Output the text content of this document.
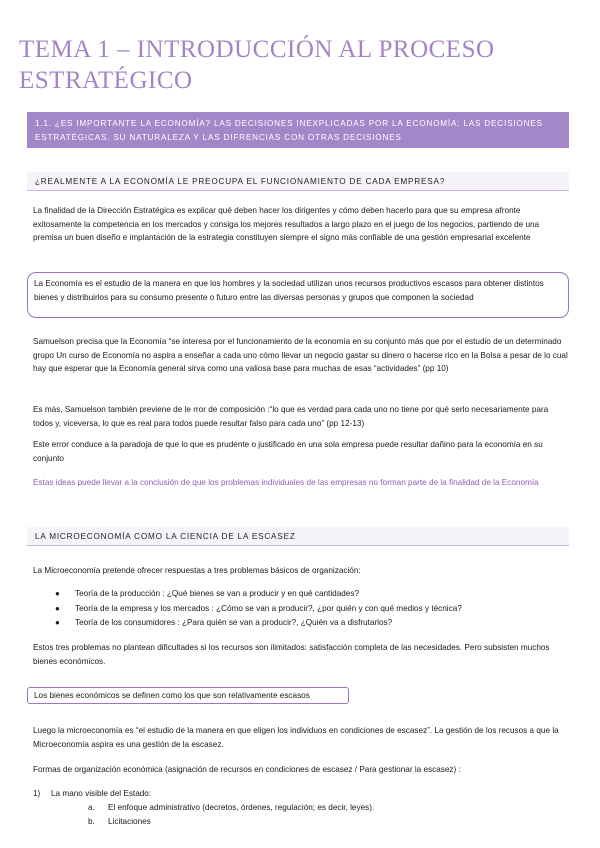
TEMA 1 – INTRODUCCIÓN AL PROCESO ESTRATÉGICO
1.1. ¿ES IMPORTANTE LA ECONOMÍA? LAS DECISIONES INEXPLICADAS POR LA ECONOMÍA: LAS DECISIONES ESTRATÉGICAS. SU NATURALEZA Y LAS DIFRENCIAS CON OTRAS DECISIONES
¿REALMENTE A LA ECONOMÍA LE PREOCUPA EL FUNCIONAMIENTO DE CADA EMPRESA?

La finalidad de la Dirección Estratégica es explicar qué deben hacer los dirigentes y cómo deben hacerlo para que su empresa afronte exitosamente la competencia en los mercados y consiga los mejores resultados a largo plazo en el juego de los negocios, partiendo de una premisa un buen diseño e implantación de la estrategia constituyen siempre el signo más confiable de una gestión empresarial excelente

La Economía es el estudio de la manera en que los hombres y la sociedad utilizan unos recursos productivos escasos para obtener distintos bienes y distribuirlos para su consumo presente o futuro entre las diversas personas y grupos que componen la sociedad

Samuelson precisa que la Economía “se interesa por el funcionamiento de la economía en su conjunto más que por el estudio de un determinado grupo Un curso de Economía no aspira a enseñar a cada uno cómo llevar un negocio gastar su dinero o hacerse rico en la Bolsa a pesar de lo cual hay que esperar que la Economía general sirva como una valiosa base para muchas de esas “actividades” (pp 10)

Es más, Samuelson también previene de le rror de composición :“lo que es verdad para cada uno no tiene por qué serlo necesariamente para todos y, viceversa, lo que es real para todos puede resultar falso para cada uno” (pp 12-13)

Este error conduce a la paradoja de que lo que es prudente o justificado en una sola empresa puede resultar dañino para la economía en su conjunto

Estas ideas puede llevar a la conclusión de que los problemas individuales de las empresas no forman parte de la finalidad de la Economía

LA MICROECONOMÍA COMO LA CIENCIA DE LA ESCASEZ

La Microeconomía pretende ofrecer respuestas a tres problemas básicos de organización:

● Teoría de la producción : ¿Qué bienes se van a producir y en qué cantidades?
● Teoría de la empresa y los mercados : ¿Cómo se van a producir?, ¿por quién y con qué medios y técnica?
● Teoría de los consumidores : ¿Para quién se van a producir?, ¿Quién va a disfrutarlos?

Estos tres problemas no plantean dificultades si los recursos son ilimitados: satisfacción completa de las necesidades. Pero subsisten muchos bienes económicos.

Los bienes económicos se definen como los que son relativamente escasos

Luego la microeconomía es “el estudio de la manera en que eligen los individuos en condiciones de escasez”. La gestión de los recusos a que la Microeconomía aspira es una gestión de la escasez.

Formas de organización económica (asignación de recursos en condiciones de escasez / Para gestionar la escasez) :

1) La mano visible del Estado:
a. El enfoque administrativo (decretos, órdenes, regulación; es decir, leyes).
b. Licitaciones
